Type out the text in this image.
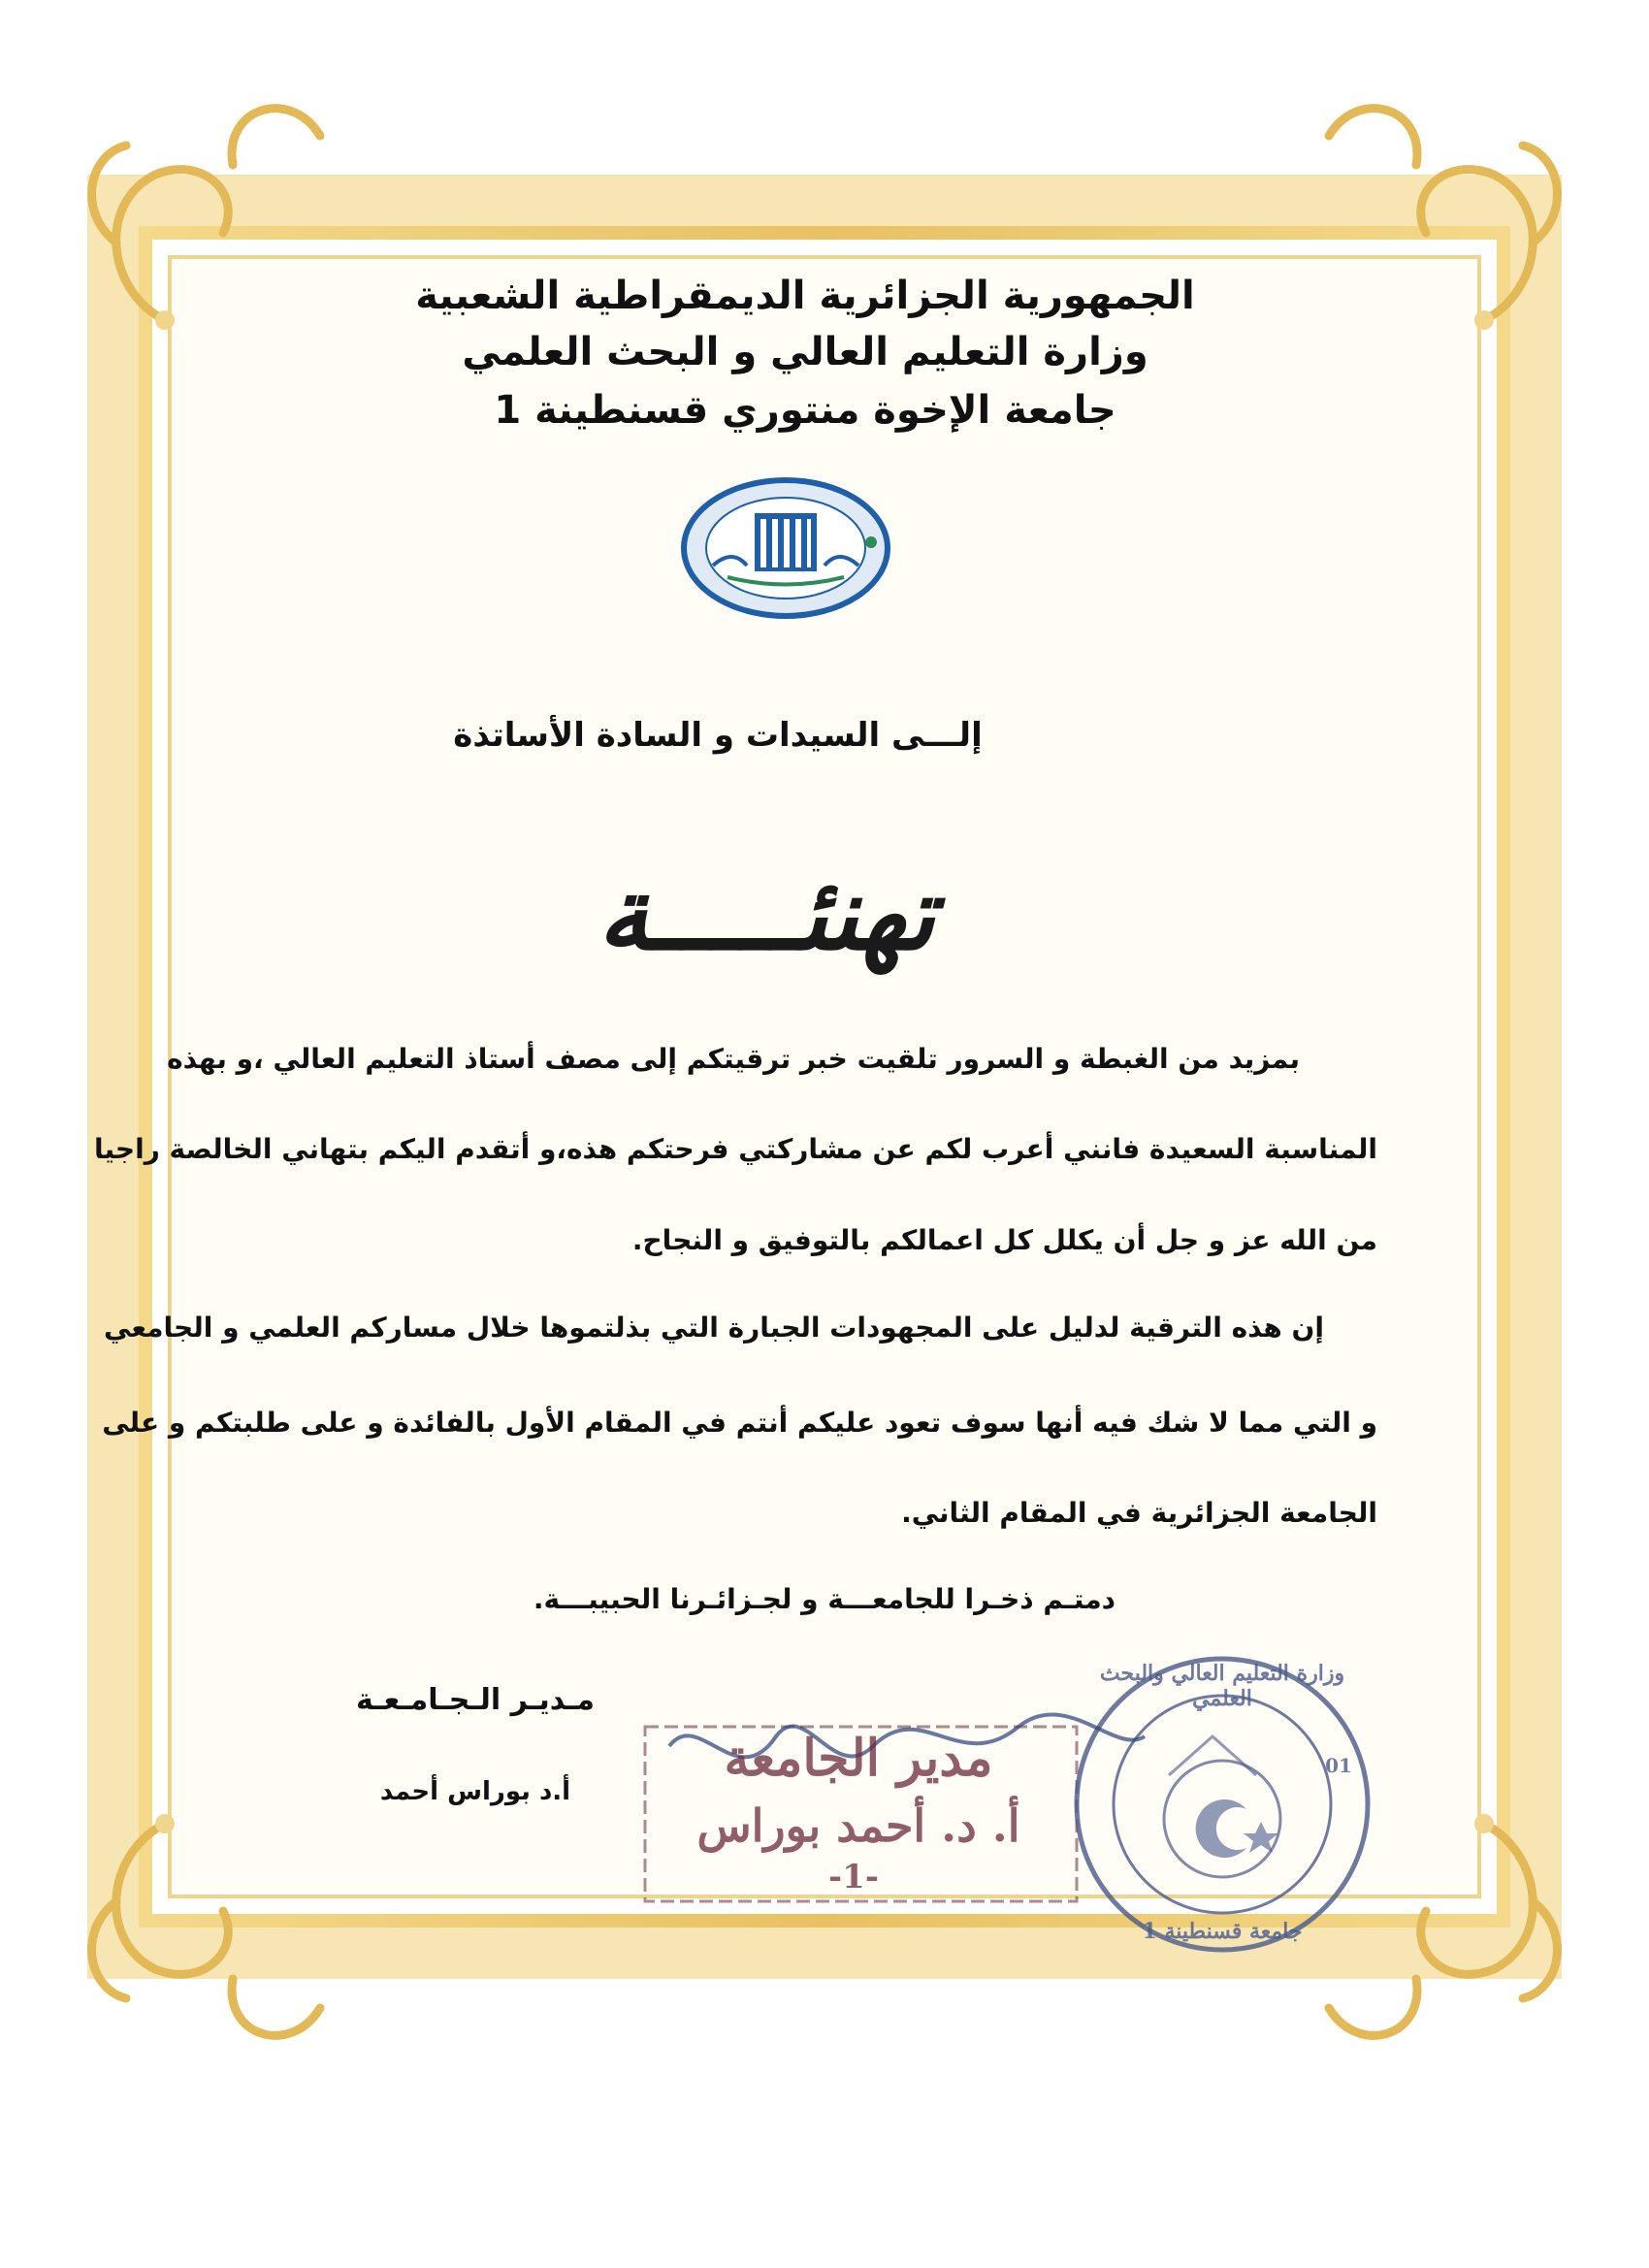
الجمهورية الجزائرية الديمقراطية الشعبية
وزارة التعليم العالي و البحث العلمي
جامعة الإخوة منتوري قسنطينة 1
إلـــى السيدات و السادة الأساتذة
تهنئـــــة
بمزيد من الغبطة و السرور تلقيت خبر ترقيتكم إلى مصف أستاذ التعليم العالي ،و بهذه
المناسبة السعيدة فانني أعرب لكم عن مشاركتي فرحتكم هذه،و أتقدم اليكم بتهاني الخالصة راجيا
من الله عز و جل أن يكلل كل اعمالكم بالتوفيق و النجاح.
إن هذه الترقية لدليل على المجهودات الجبارة التي بذلتموها خلال مساركم العلمي و الجامعي
و التي مما لا شك فيه أنها سوف تعود عليكم أنتم في المقام الأول بالفائدة و على طلبتكم و على
الجامعة الجزائرية في المقام الثاني.
دمتـم ذخـرا للجامعـــة و لجـزائـرنا الحبيبـــة.
مـديـر الـجـامـعـة
أ.د بوراس أحمد
مدير الجامعة
أ. د. أحمد بوراس
-1-
وزارة التعليم العالي والبحث العلمي
جامعة قسنطينة 1
01
